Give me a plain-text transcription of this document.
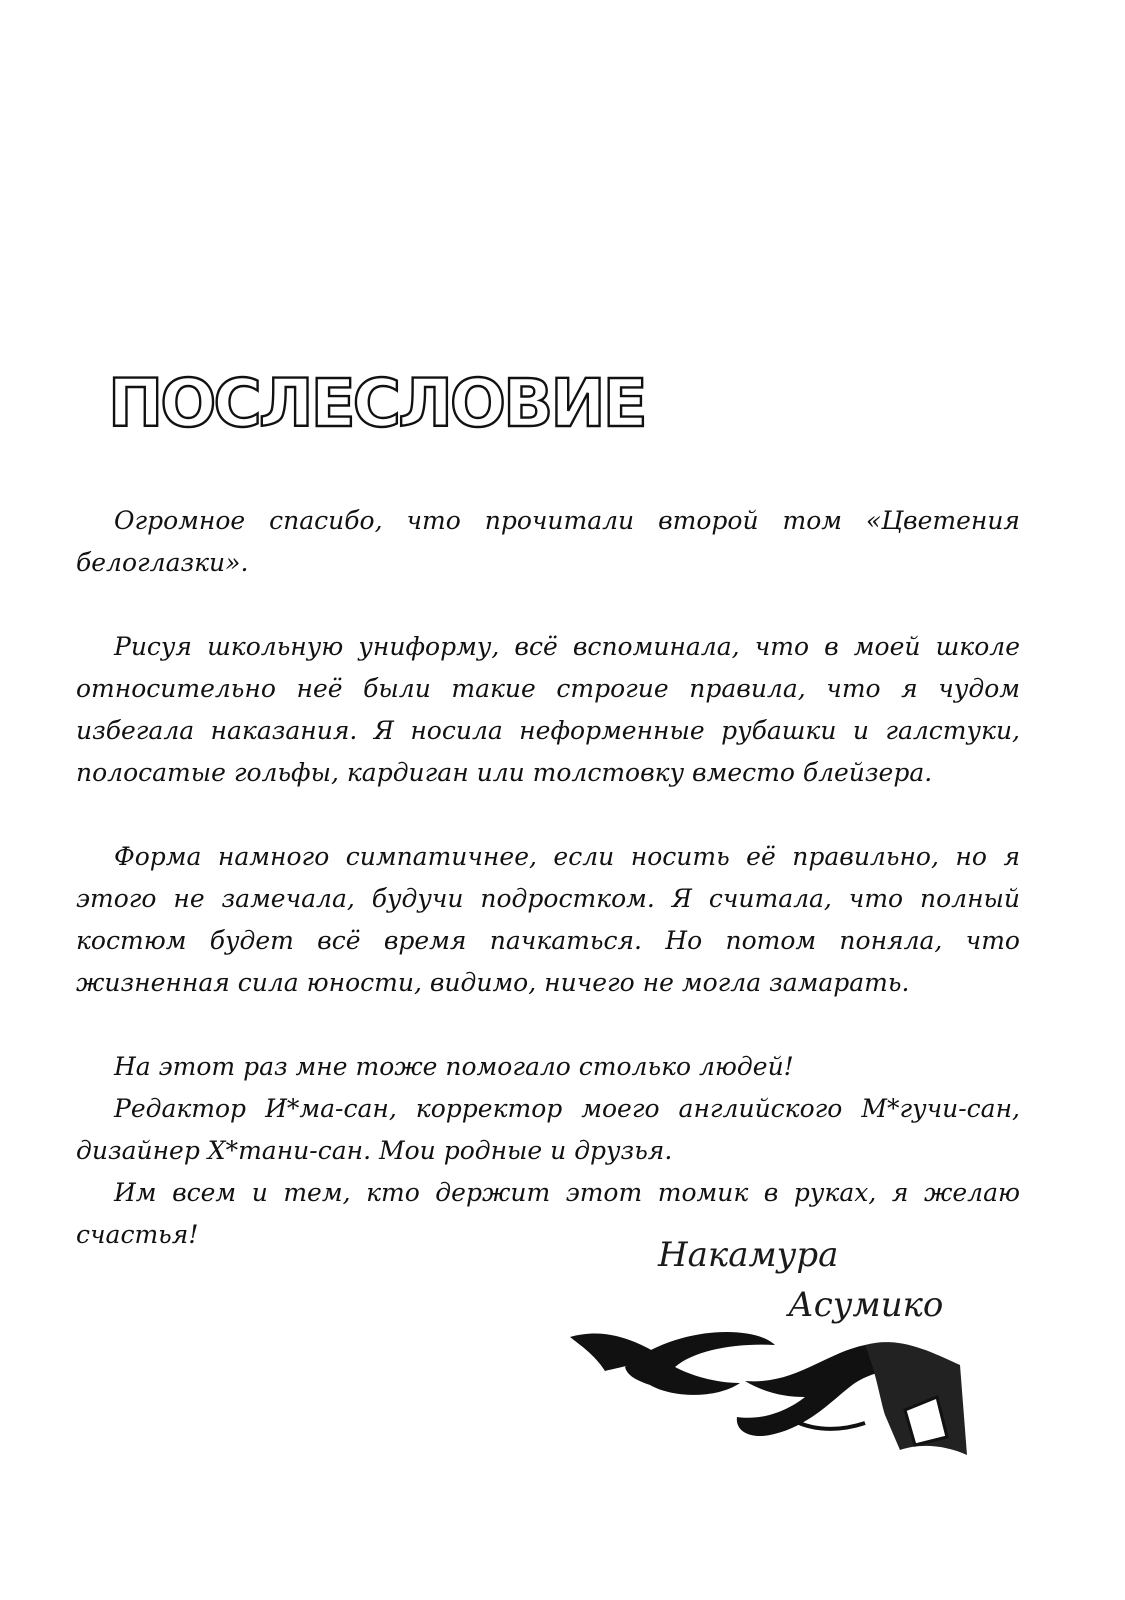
ПОСЛЕСЛОВИЕ

Огромное спасибо, что прочитали второй том «Цветения белоглазки».

Рисуя школьную униформу, всё вспоминала, что в моей школе относительно неё были такие строгие правила, что я чудом избегала наказания. Я носила неформенные рубашки и галстуки, полосатые гольфы, кардиган или толстовку вместо блейзера.

Форма намного симпатичнее, если носить её правильно, но я этого не замечала, будучи подростком. Я считала, что полный костюм будет всё время пачкаться. Но потом поняла, что жизненная сила юности, видимо, ничего не могла замарать.

На этот раз мне тоже помогало столько людей!
Редактор И*ма-сан, корректор моего английского М*гучи-сан, дизайнер Х*тани-сан. Мои родные и друзья.
Им всем и тем, кто держит этот томик в руках, я желаю счастья!
Накамура
Асумико
